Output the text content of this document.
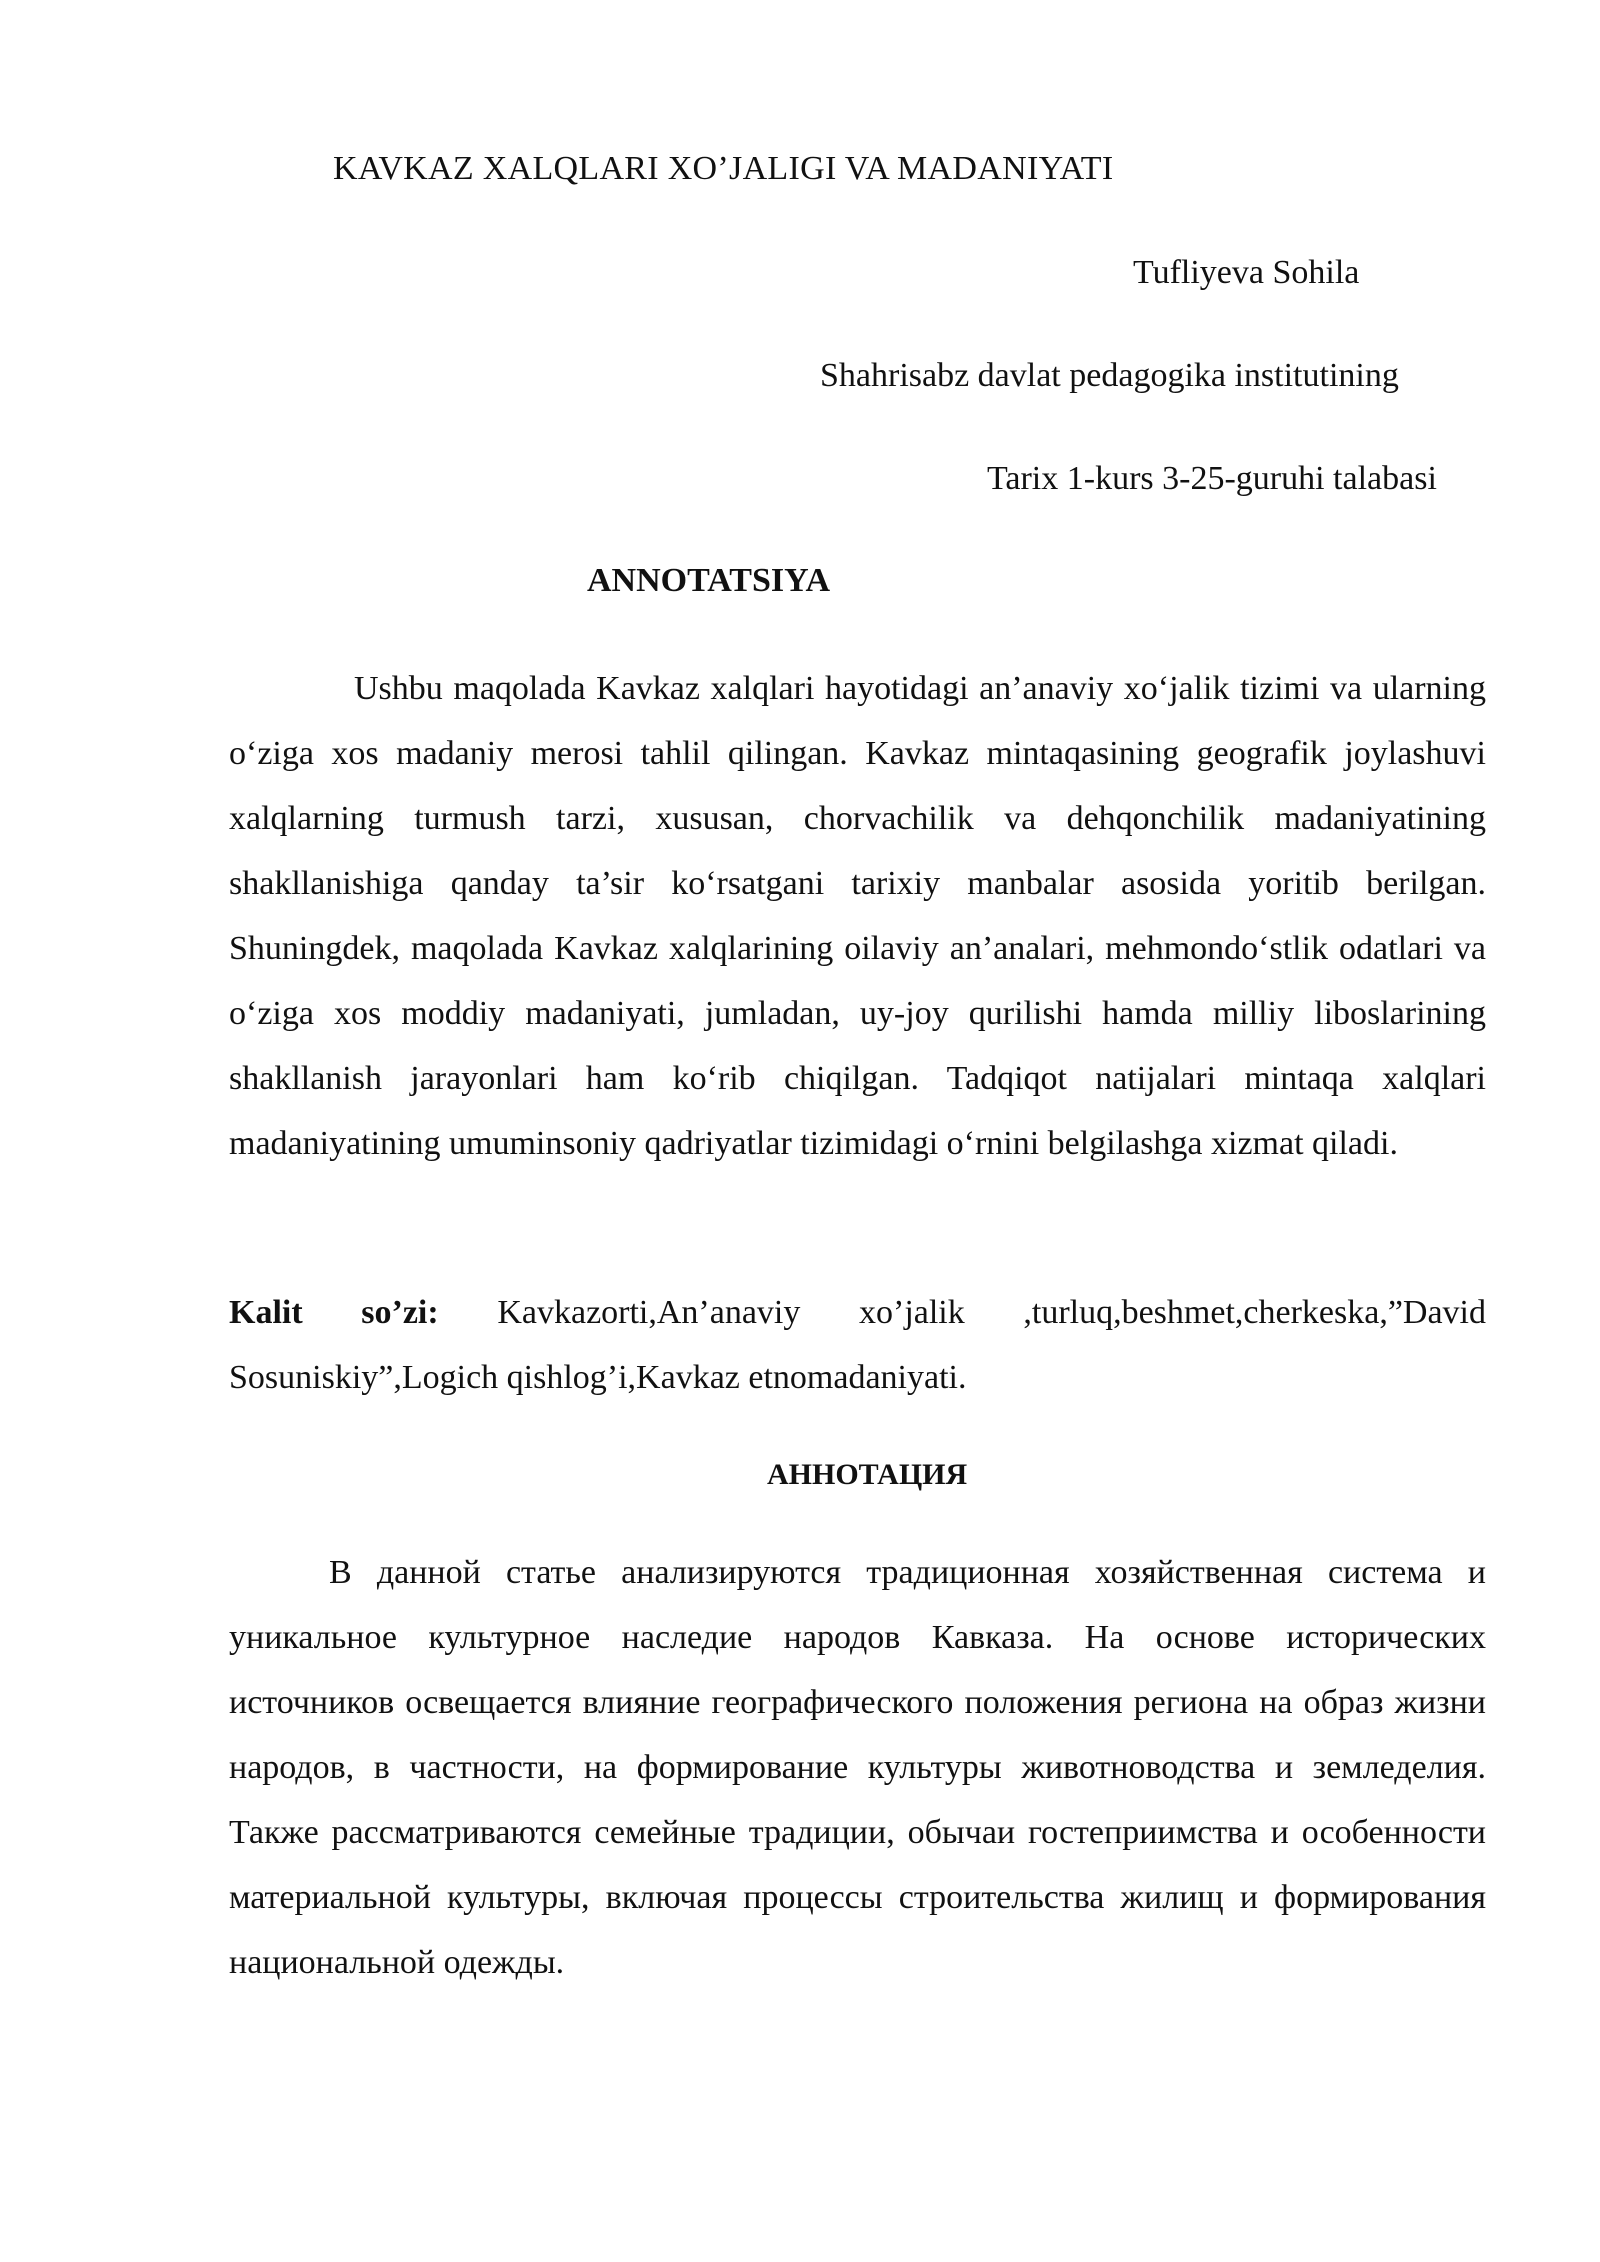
KAVKAZ XALQLARI XO’JALIGI VA MADANIYATI
Tufliyeva Sohila
Shahrisabz davlat pedagogika institutining
Tarix 1-kurs 3-25-guruhi talabasi
ANNOTATSIYA

Ushbu maqolada Kavkaz xalqlari hayotidagi an’anaviy xo‘jalik tizimi va ularning o‘ziga xos madaniy merosi tahlil qilingan. Kavkaz mintaqasining geografik joylashuvi xalqlarning turmush tarzi, xususan, chorvachilik va dehqonchilik madaniyatining shakllanishiga qanday ta’sir ko‘rsatgani tarixiy manbalar asosida yoritib berilgan. Shuningdek, maqolada Kavkaz xalqlarining oilaviy an’analari, mehmondo‘stlik odatlari va o‘ziga xos moddiy madaniyati, jumladan, uy-joy qurilishi hamda milliy liboslarining shakllanish jarayonlari ham ko‘rib chiqilgan. Tadqiqot natijalari mintaqa xalqlari madaniyatining umuminsoniy qadriyatlar tizimidagi o‘rnini belgilashga xizmat qiladi.

Kalit so’zi: Kavkazorti,An’anaviy xo’jalik ,turluq,beshmet,cherkeska,”David Sosuniskiy”,Logich qishlog’i,Kavkaz etnomadaniyati.

АННОТАЦИЯ

В данной статье анализируются традиционная хозяйственная система и уникальное культурное наследие народов Кавказа. На основе исторических источников освещается влияние географического положения региона на образ жизни народов, в частности, на формирование культуры животноводства и земледелия. Также рассматриваются семейные традиции, обычаи гостеприимства и особенности материальной культуры, включая процессы строительства жилищ и формирования национальной одежды.
